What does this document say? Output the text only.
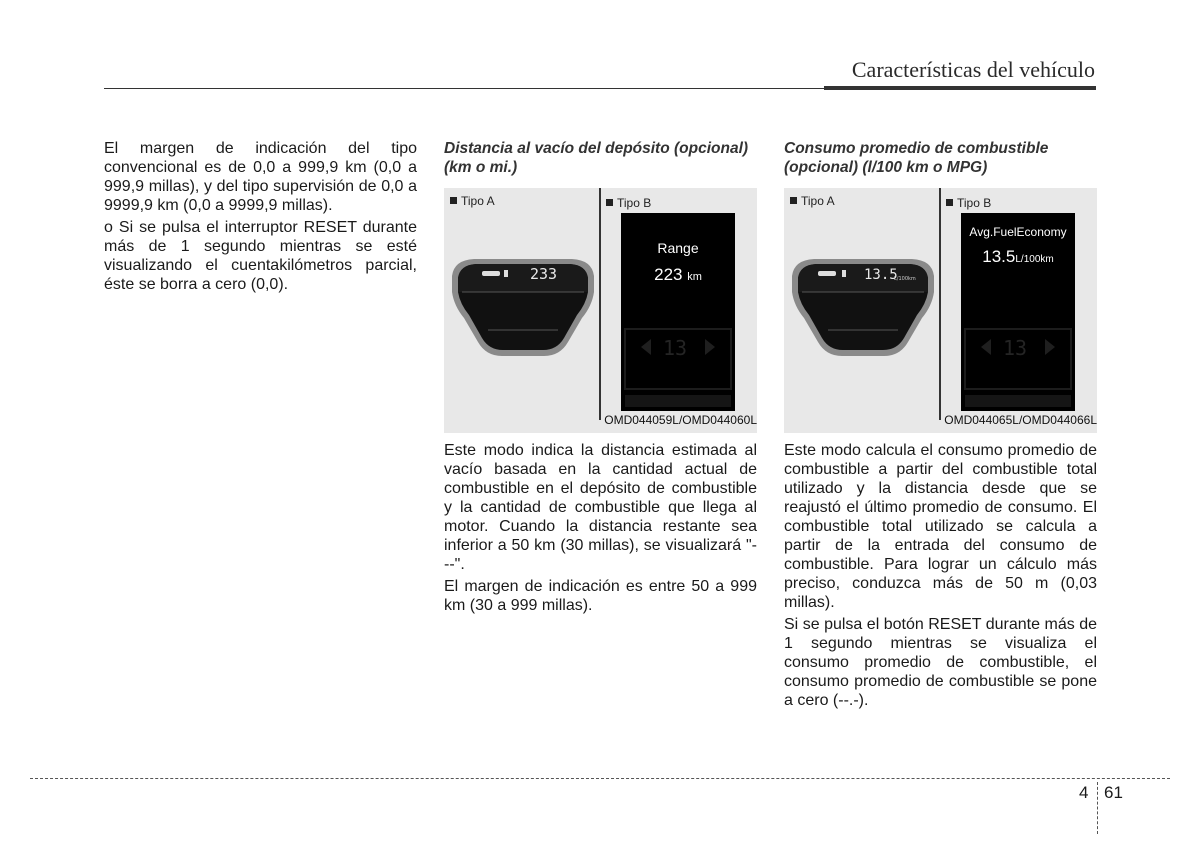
Características del vehículo

El margen de indicación del tipo convencional es de 0,0 a 999,9 km (0,0 a 999,9 millas), y del tipo supervisión de 0,0 a 9999,9 km (0,0 a 9999,9 millas).

o Si se pulsa el interruptor RESET durante más de 1 segundo mientras se esté visualizando el cuentakilómetros parcial, éste se borra a cero (0,0).

Distancia al vacío del depósito (opcional) (km o mi.)
Tipo A	Tipo B
233
Range
223 km
13
OMD044059L/OMD044060L

Este modo indica la distancia estimada al vacío basada en la cantidad actual de combustible en el depósito de combustible y la cantidad de combustible que llega al motor. Cuando la distancia restante sea inferior a 50 km (30 millas), se visualizará "---".

El margen de indicación es entre 50 a 999 km (30 a 999 millas).

Consumo promedio de combustible (opcional) (l/100 km o MPG)
Tipo A	Tipo B
13.5
L/100km
Avg.FuelEconomy
13.5L/100km
13
OMD044065L/OMD044066L

Este modo calcula el consumo promedio de combustible a partir del combustible total utilizado y la distancia desde que se reajustó el último promedio de consumo. El combustible total utilizado se calcula a partir de la entrada del consumo de combustible. Para lograr un cálculo más preciso, conduzca más de 50 m (0,03 millas).

Si se pulsa el botón RESET durante más de 1 segundo mientras se visualiza el consumo promedio de combustible, el consumo promedio de combustible se pone a cero (--.-).

4 61
